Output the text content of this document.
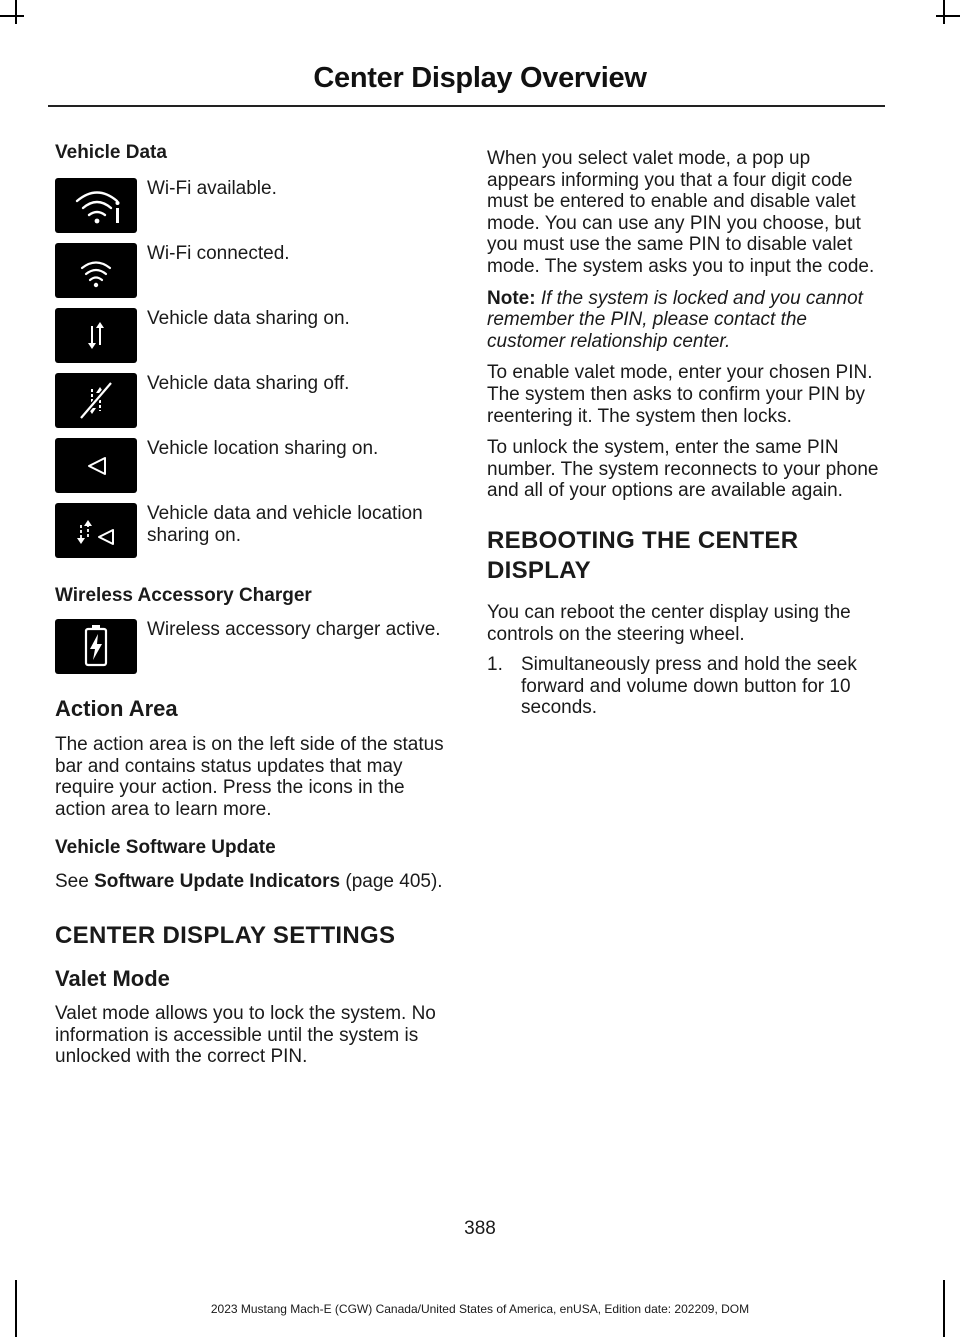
Center Display Overview

Vehicle Data

Wi-Fi available.
Wi-Fi connected.
Vehicle data sharing on.
Vehicle data sharing off.
Vehicle location sharing on.
Vehicle data and vehicle location sharing on.

Wireless Accessory Charger

Wireless accessory charger active.

Action Area

The action area is on the left side of the status bar and contains status updates that may require your action. Press the icons in the action area to learn more.

Vehicle Software Update

See Software Update Indicators (page 405).

CENTER DISPLAY SETTINGS

Valet Mode

Valet mode allows you to lock the system. No information is accessible until the system is unlocked with the correct PIN.

When you select valet mode, a pop up appears informing you that a four digit code must be entered to enable and disable valet mode. You can use any PIN you choose, but you must use the same PIN to disable valet mode. The system asks you to input the code.

Note: If the system is locked and you cannot remember the PIN, please contact the customer relationship center.

To enable valet mode, enter your chosen PIN. The system then asks to confirm your PIN by reentering it. The system then locks.

To unlock the system, enter the same PIN number. The system reconnects to your phone and all of your options are available again.

REBOOTING THE CENTER
DISPLAY

You can reboot the center display using the controls on the steering wheel.

1. Simultaneously press and hold the seek forward and volume down button for 10 seconds.
388
2023 Mustang Mach-E (CGW) Canada/United States of America, enUSA, Edition date: 202209, DOM
